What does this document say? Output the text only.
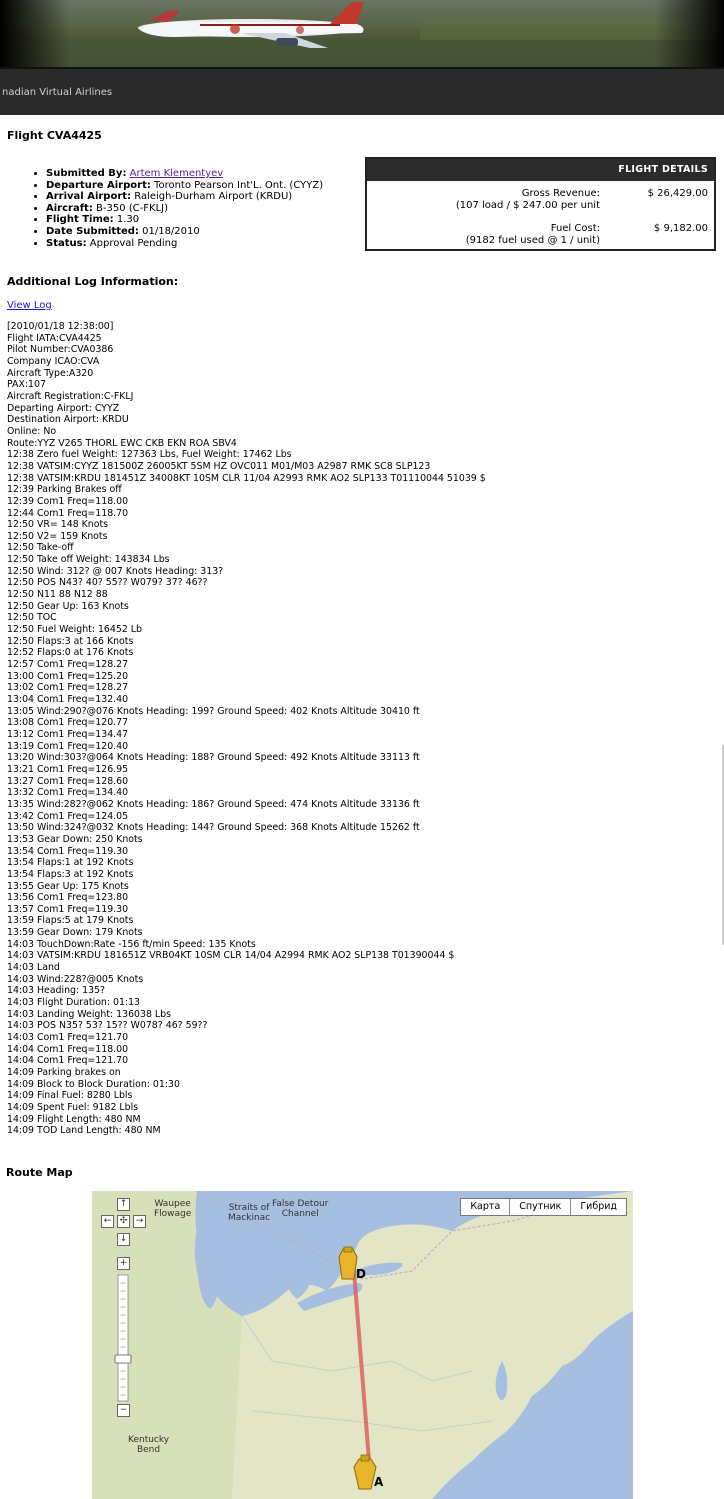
nadian Virtual Airlines
Flight CVA4425
• Submitted By: Artem Klementyev
• Departure Airport: Toronto Pearson Int'L. Ont. (CYYZ)
• Arrival Airport: Raleigh-Durham Airport (KRDU)
• Aircraft: B-350 (C-FKLJ)
• Flight Time: 1.30
• Date Submitted: 01/18/2010
• Status: Approval Pending
FLIGHT DETAILS
Gross Revenue:
(107 load / $ 247.00 per unit
$ 26,429.00
Fuel Cost:
(9182 fuel used @ 1 / unit)
$ 9,182.00
Additional Log Information:
View Log
[2010/01/18 12:38:00]
Flight IATA:CVA4425
Pilot Number:CVA0386
Company ICAO:CVA
Aircraft Type:A320
PAX:107
Aircraft Registration:C-FKLJ
Departing Airport: CYYZ
Destination Airport: KRDU
Online: No
Route:YYZ V265 THORL EWC CKB EKN ROA SBV4
12:38 Zero fuel Weight: 127363 Lbs, Fuel Weight: 17462 Lbs
12:38 VATSIM:CYYZ 181500Z 26005KT 5SM HZ OVC011 M01/M03 A2987 RMK SC8 SLP123
12:38 VATSIM:KRDU 181451Z 34008KT 10SM CLR 11/04 A2993 RMK AO2 SLP133 T01110044 51039 $
12:39 Parking Brakes off
12:39 Com1 Freq=118.00
12:44 Com1 Freq=118.70
12:50 VR= 148 Knots
12:50 V2= 159 Knots
12:50 Take-off
12:50 Take off Weight: 143834 Lbs
12:50 Wind: 312? @ 007 Knots Heading: 313?
12:50 POS N43? 40? 55?? W079? 37? 46??
12:50 N11 88 N12 88
12:50 Gear Up: 163 Knots
12:50 TOC
12:50 Fuel Weight: 16452 Lb
12:50 Flaps:3 at 166 Knots
12:52 Flaps:0 at 176 Knots
12:57 Com1 Freq=128.27
13:00 Com1 Freq=125.20
13:02 Com1 Freq=128.27
13:04 Com1 Freq=132.40
13:05 Wind:290?@076 Knots Heading: 199? Ground Speed: 402 Knots Altitude 30410 ft
13:08 Com1 Freq=120.77
13:12 Com1 Freq=134.47
13:19 Com1 Freq=120.40
13:20 Wind:303?@064 Knots Heading: 188? Ground Speed: 492 Knots Altitude 33113 ft
13:21 Com1 Freq=126.95
13:27 Com1 Freq=128.60
13:32 Com1 Freq=134.40
13:35 Wind:282?@062 Knots Heading: 186? Ground Speed: 474 Knots Altitude 33136 ft
13:42 Com1 Freq=124.05
13:50 Wind:324?@032 Knots Heading: 144? Ground Speed: 368 Knots Altitude 15262 ft
13:53 Gear Down: 250 Knots
13:54 Com1 Freq=119.30
13:54 Flaps:1 at 192 Knots
13:54 Flaps:3 at 192 Knots
13:55 Gear Up: 175 Knots
13:56 Com1 Freq=123.80
13:57 Com1 Freq=119.30
13:59 Flaps:5 at 179 Knots
13:59 Gear Down: 179 Knots
14:03 TouchDown:Rate -156 ft/min Speed: 135 Knots
14:03 VATSIM:KRDU 181651Z VRB04KT 10SM CLR 14/04 A2994 RMK AO2 SLP138 T01390044 $
14:03 Land
14:03 Wind:228?@005 Knots
14:03 Heading: 135?
14:03 Flight Duration: 01:13
14:03 Landing Weight: 136038 Lbs
14:03 POS N35? 53? 15?? W078? 46? 59??
14:03 Com1 Freq=121.70
14:04 Com1 Freq=118.00
14:04 Com1 Freq=121.70
14:09 Parking brakes on
14:09 Block to Block Duration: 01:30
14:09 Final Fuel: 8280 Lbls
14:09 Spent Fuel: 9182 Lbls
14:09 Flight Length: 480 NM
14:09 TOD Land Length: 480 NM

Route Map
↑
← ✣ →
↓
+
−
Карта	Спутник	Гибрид
Waupee
Flowage
Straits of
Mackinac
False Detour
Channel
Kentucky
Bend
D
A
